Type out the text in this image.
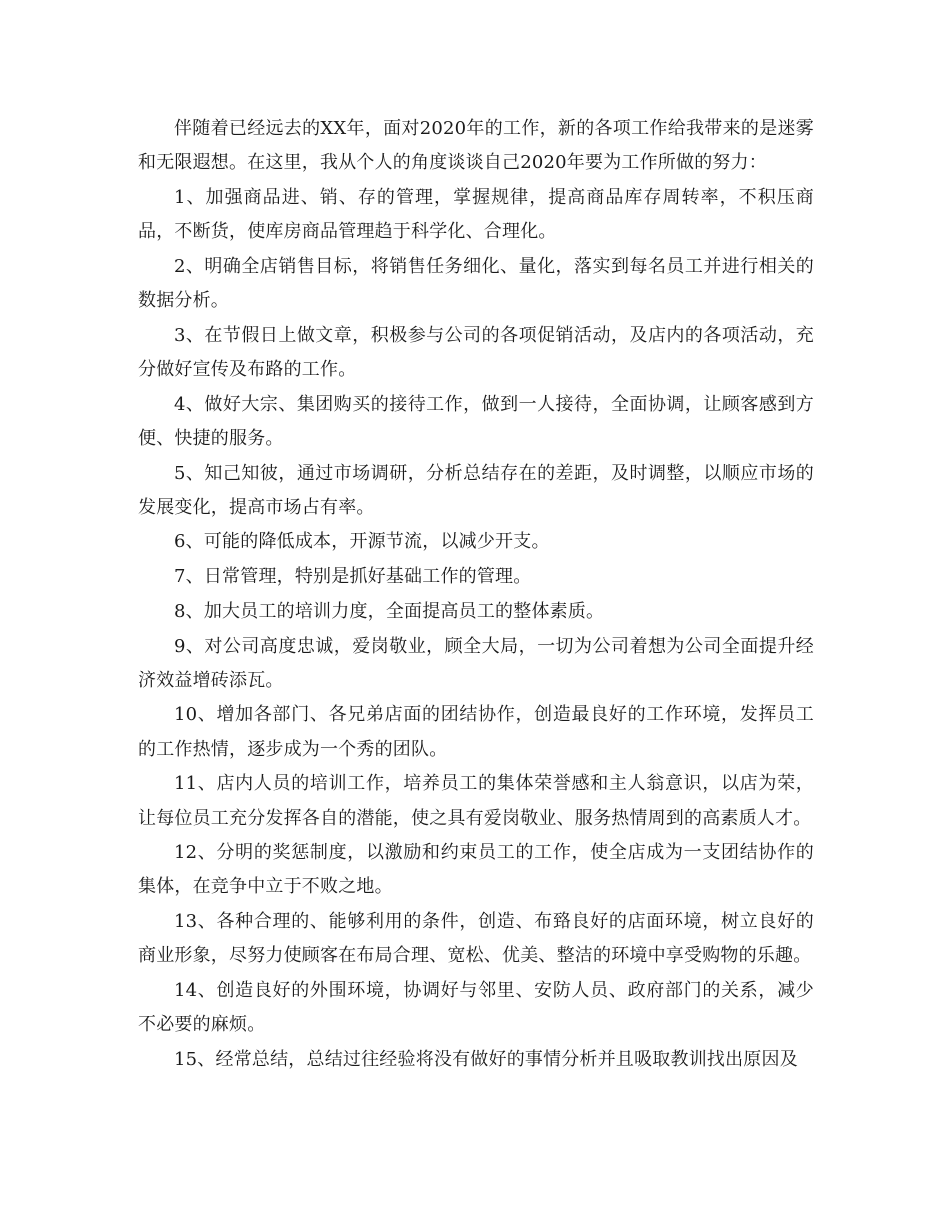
伴随着已经远去的XX年，面对2020年的工作，新的各项工作给我带来的是迷雾和无限遐想。在这里，我从个人的角度谈谈自己2020年要为工作所做的努力：

1、加强商品进、销、存的管理，掌握规律，提高商品库存周转率，不积压商品，不断货，使库房商品管理趋于科学化、合理化。

2、明确全店销售目标，将销售任务细化、量化，落实到每名员工并进行相关的数据分析。

3、在节假日上做文章，积极参与公司的各项促销活动，及店内的各项活动，充分做好宣传及布路的工作。

4、做好大宗、集团购买的接待工作，做到一人接待，全面协调，让顾客感到方便、快捷的服务。

5、知己知彼，通过市场调研，分析总结存在的差距，及时调整，以顺应市场的发展变化，提高市场占有率。

6、可能的降低成本，开源节流，以减少开支。

7、日常管理，特别是抓好基础工作的管理。

8、加大员工的培训力度，全面提高员工的整体素质。

9、对公司高度忠诚，爱岗敬业，顾全大局，一切为公司着想为公司全面提升经济效益增砖添瓦。

10、增加各部门、各兄弟店面的团结协作，创造最良好的工作环境，发挥员工的工作热情，逐步成为一个秀的团队。

11、店内人员的培训工作，培养员工的集体荣誉感和主人翁意识，以店为荣，让每位员工充分发挥各自的潜能，使之具有爱岗敬业、服务热情周到的高素质人才。

12、分明的奖惩制度，以激励和约束员工的工作，使全店成为一支团结协作的集体，在竞争中立于不败之地。

13、各种合理的、能够利用的条件，创造、布臵良好的店面环境，树立良好的商业形象，尽努力使顾客在布局合理、宽松、优美、整洁的环境中享受购物的乐趣。

14、创造良好的外围环境，协调好与邻里、安防人员、政府部门的关系，减少不必要的麻烦。

15、经常总结，总结过往经验将没有做好的事情分析并且吸取教训找出原因及
